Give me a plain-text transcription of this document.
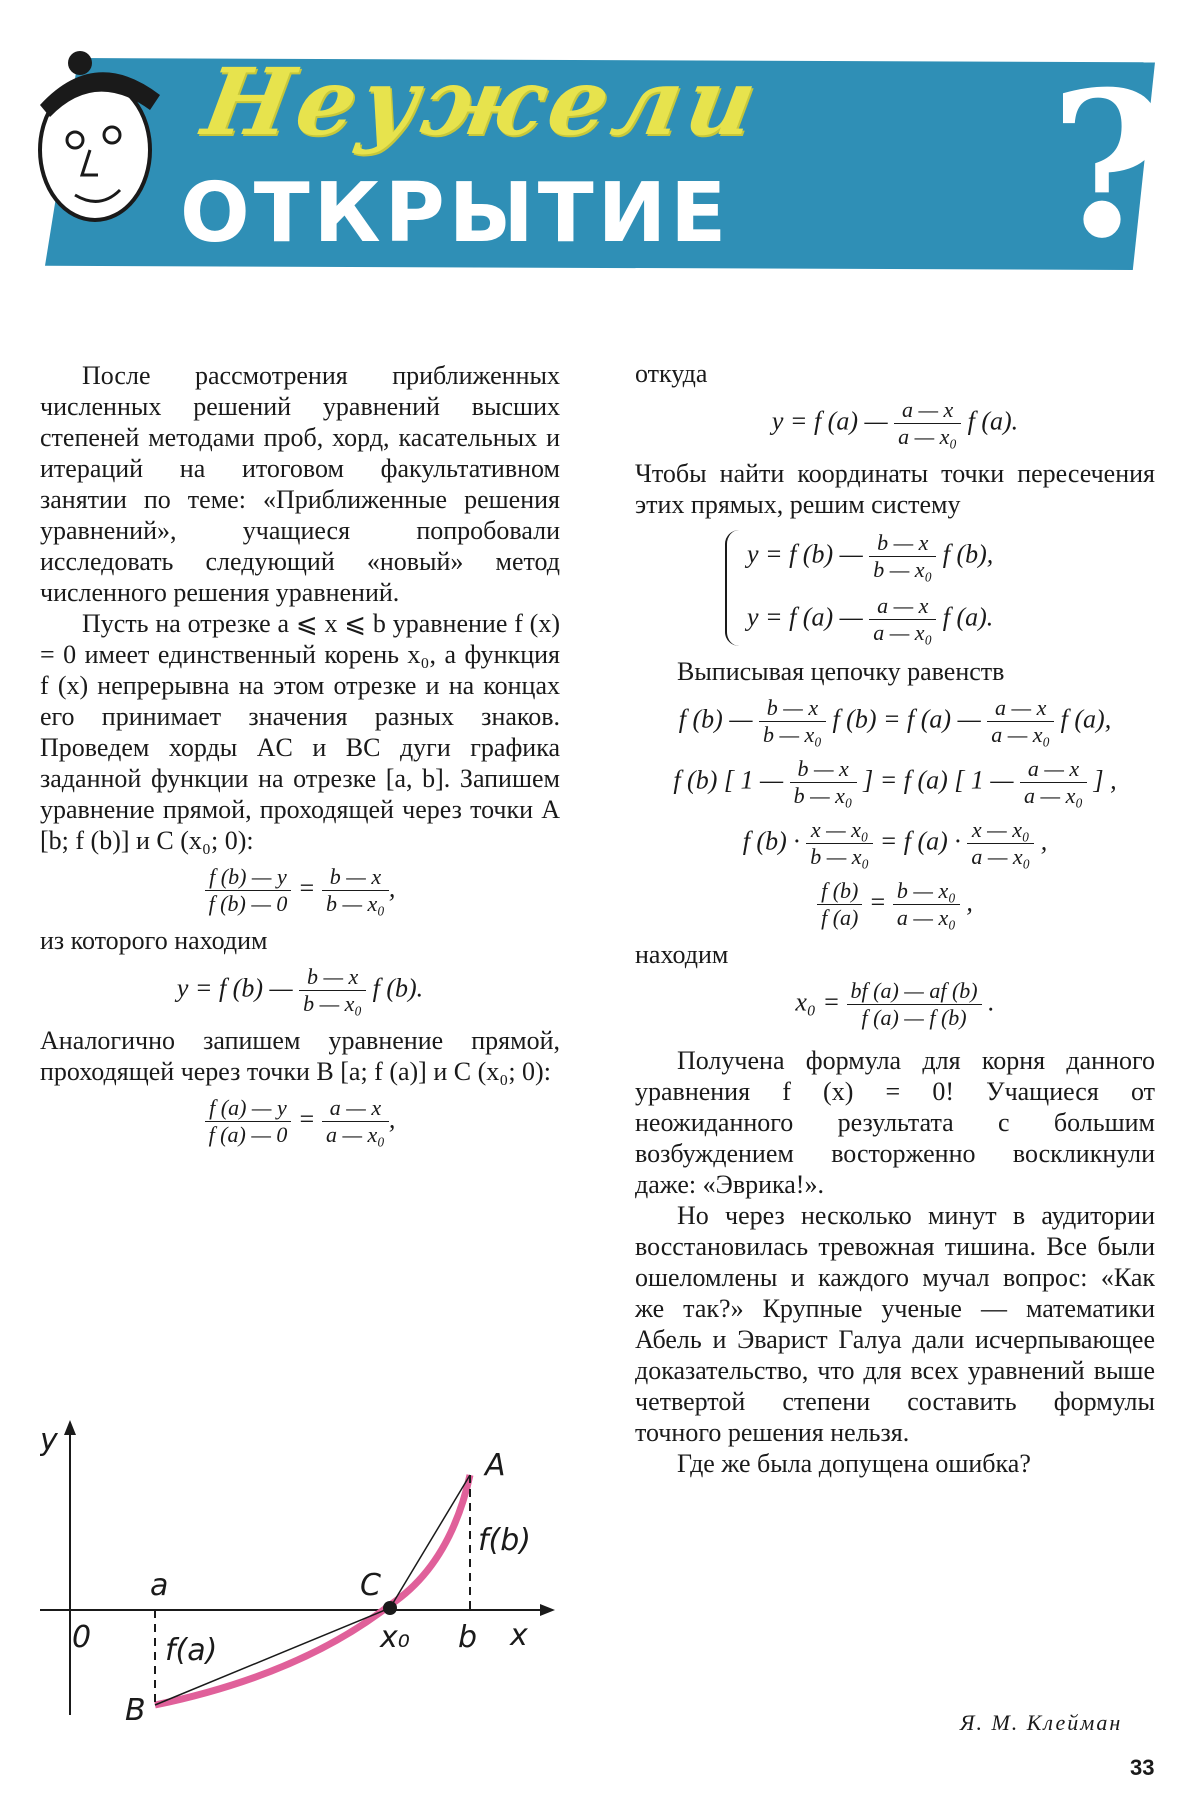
Неужели
ОТКРЫТИЕ ?

После рассмотрения приближенных численных решений уравнений высших степеней методами проб, хорд, касательных и итераций на итоговом факультативном занятии по теме: «Приближенные решения уравнений», учащиеся попробовали исследовать следующий «новый» метод численного решения уравнений.

Пусть на отрезке a ⩽ x ⩽ b уравнение f (x) = 0 имеет единственный корень x₀, а функция f (x) непрерывна на этом отрезке и на концах его принимает значения разных знаков. Проведем хорды AC и BC дуги графика заданной функции на отрезке [a, b]. Запишем уравнение прямой, проходящей через точки A [b; f (b)] и C (x₀; 0):

$\frac{f (b) — y}{f (b) — 0} = \frac{b — x}{\text{b — x₀}}$ ,

из которого находим

y = f (b) — $\frac{b — x}{\text{b — x₀}}$ f (b).

Аналогично запишем уравнение прямой, проходящей через точки B [a; f (a)] и C (x₀; 0):

$\frac{f (a) — y}{f (a) — 0} = \frac{a — x}{\text{a — x₀}}$ ,
y
x
0
a
b
x₀
A
B
C
f(b)
f(a)

откуда

y = f (a) — $\frac{a — x}{\text{a — x₀}}$ f (a).

Чтобы найти координаты точки пересечения этих прямых, решим систему

y = f (b) — $\frac{b — x}{\text{b — x₀}}$ f (b),
y = f (a) — $\frac{a — x}{\text{a — x₀}}$ f (a).

Выписывая цепочку равенств

f (b) — $\frac{b — x}{\text{b — x₀}}$ f (b) = f (a) — $\frac{a — x}{\text{a — x₀}}$ f (a),
f (b) [ 1 — $\frac{b — x}{\text{b — x₀}}$ ] = f (a) [ 1 — $\frac{a — x}{\text{a — x₀}}$ ] ,
f $(b) \cdot \frac{\text{x — x₀}}{\text{b — x₀}} = f$ $(a) \cdot \frac{\text{x — x₀}}{\text{a — x₀}}$ ,
$\frac{f (b)}{f (a)} = \frac{\text{b — x₀}}{\text{a — x₀}}$ ,

находим

$x_0 = \frac{bf (a) — af (b)}{f (a) — f (b)}$ .

Получена формула для корня данного уравнения f (x) = 0! Учащиеся от неожиданного результата с большим возбуждением восторженно воскликнули даже: «Эврика!».

Но через несколько минут в аудитории восстановилась тревожная тишина. Все были ошеломлены и каждого мучал вопрос: «Как же так?» Крупные ученые — математики Абель и Эварист Галуа дали исчерпывающее доказательство, что для всех уравнений выше четвертой степени составить формулы точного решения нельзя.

Где же была допущена ошибка?

Я. М. Клейман
33
